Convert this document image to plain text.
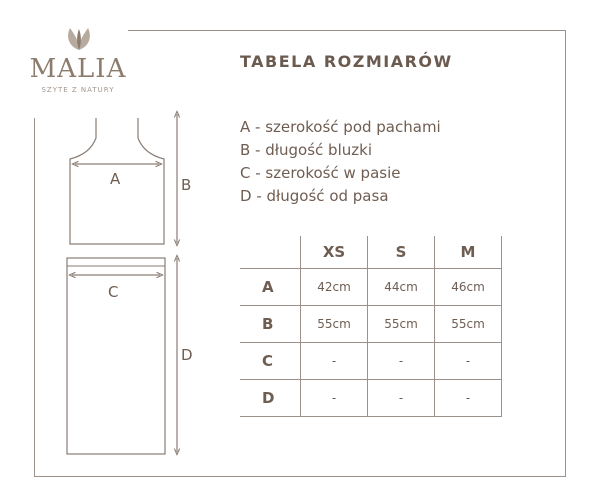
MALIA
SZYTE Z NATURY
TABELA ROZMIARÓW
A - szerokość pod pachami
B - długość bluzki
C - szerokość w pasie
D - długość od pasa
A	B
C
D
	XS	S	M
A	42cm	44cm	46cm
B	55cm	55cm	55cm
C	-	-	-
D	-	-	-
